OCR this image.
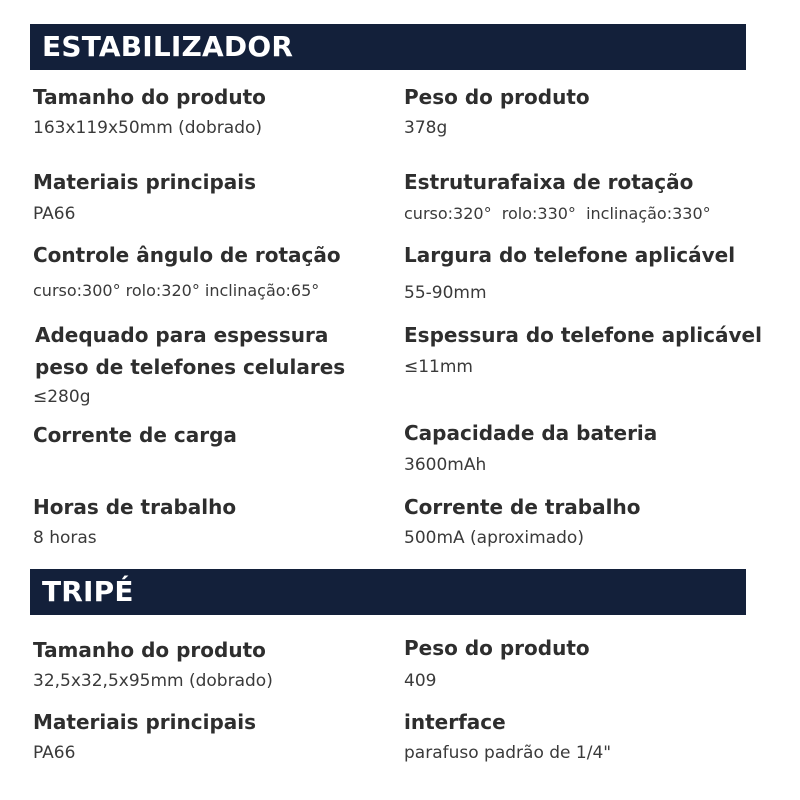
ESTABILIZADOR
Tamanho do produto
163x119x50mm (dobrado)
Peso do produto
378g
Materiais principais
PA66
Estruturafaixa de rotação
curso:320°  rolo:330°  inclinação:330°
Controle ângulo de rotação
curso:300° rolo:320° inclinação:65°
Largura do telefone aplicável
55-90mm
Adequado para espessura
peso de telefones celulares
≤280g
Espessura do telefone aplicável
≤11mm
Corrente de carga	Capacidade da bateria
3600mAh
Horas de trabalho
8 horas
Corrente de trabalho
500mA (aproximado)
TRIPÉ
Tamanho do produto
32,5x32,5x95mm (dobrado)
Peso do produto
409
Materiais principais
PA66
interface
parafuso padrão de 1/4"
